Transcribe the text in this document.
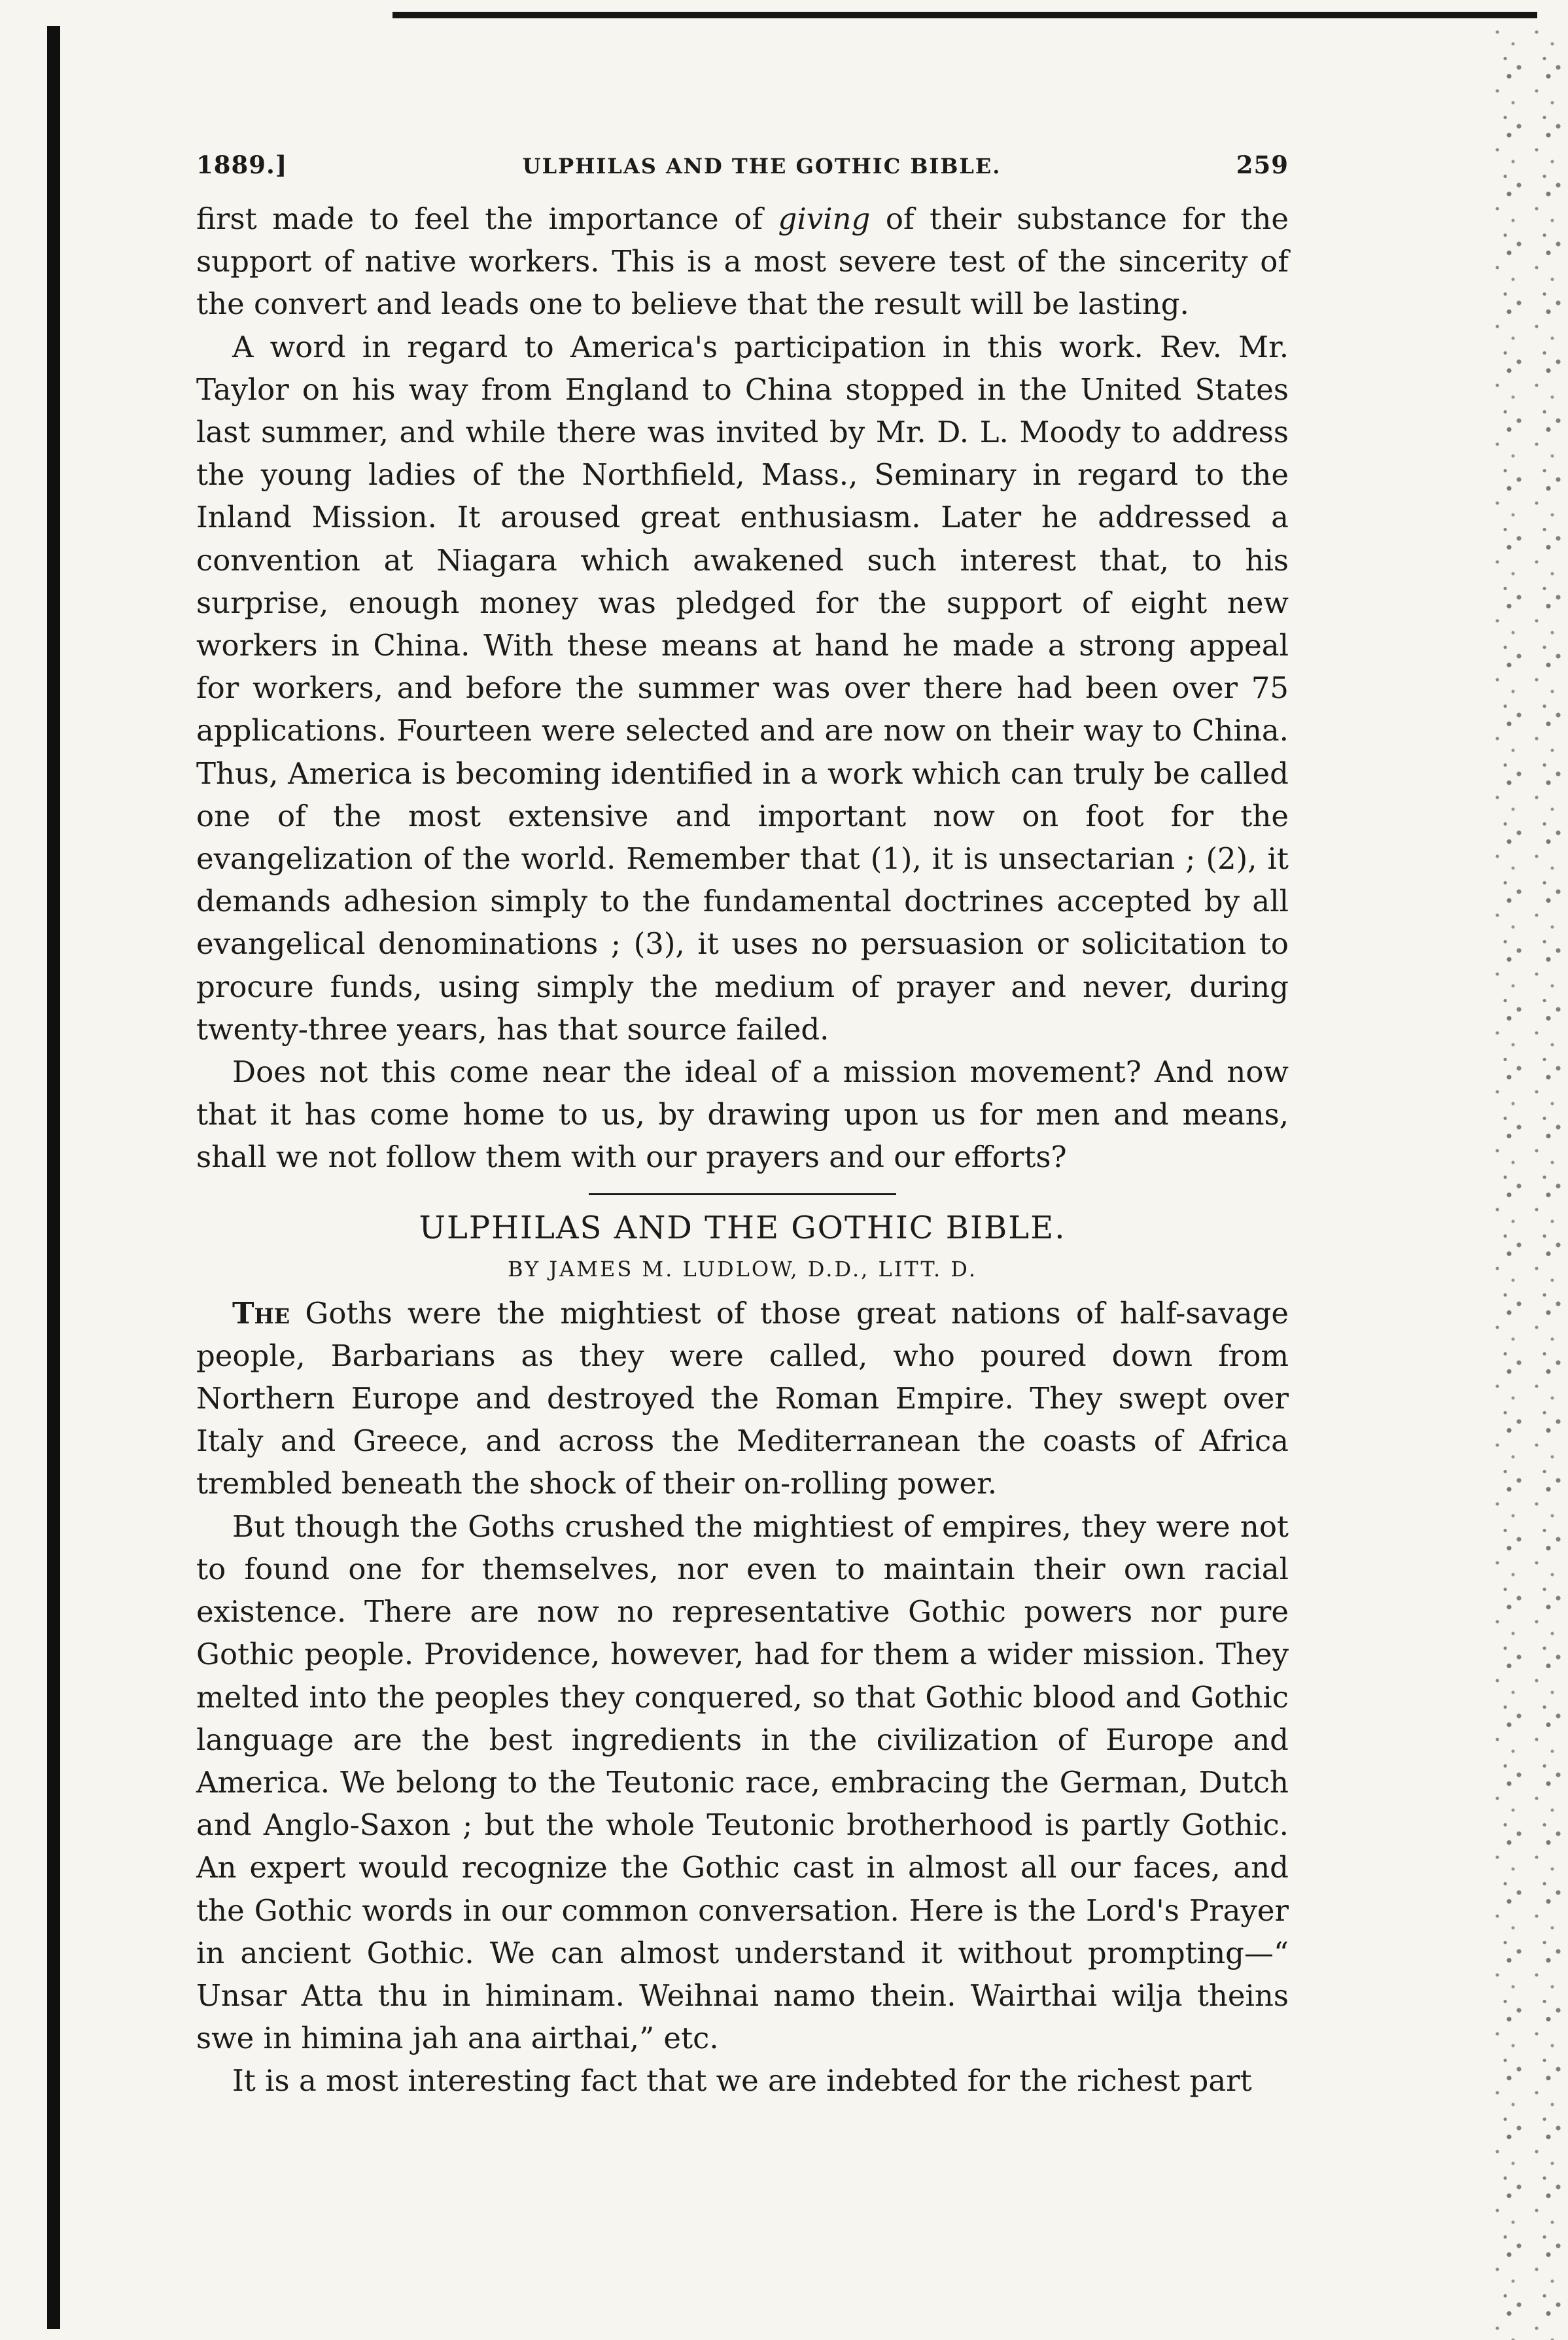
1889.]	ULPHILAS AND THE GOTHIC BIBLE.	259

first made to feel the importance of giving of their substance for the support of native workers. This is a most severe test of the sincerity of the convert and leads one to believe that the result will be lasting.

A word in regard to America's participation in this work. Rev. Mr. Taylor on his way from England to China stopped in the United States last summer, and while there was invited by Mr. D. L. Moody to address the young ladies of the Northfield, Mass., Seminary in regard to the Inland Mission. It aroused great enthusiasm. Later he addressed a convention at Niagara which awakened such interest that, to his surprise, enough money was pledged for the support of eight new workers in China. With these means at hand he made a strong appeal for workers, and before the summer was over there had been over 75 applications. Fourteen were selected and are now on their way to China. Thus, America is becoming identified in a work which can truly be called one of the most extensive and important now on foot for the evangelization of the world. Remember that (1), it is unsectarian ; (2), it demands adhesion simply to the fundamental doctrines accepted by all evangelical denominations ; (3), it uses no persuasion or solicitation to procure funds, using simply the medium of prayer and never, during twenty-three years, has that source failed.

Does not this come near the ideal of a mission movement? And now that it has come home to us, by drawing upon us for men and means, shall we not follow them with our prayers and our efforts?

ULPHILAS AND THE GOTHIC BIBLE.
BY JAMES M. LUDLOW, D.D., LITT. D.

The Goths were the mightiest of those great nations of half-savage people, Barbarians as they were called, who poured down from Northern Europe and destroyed the Roman Empire. They swept over Italy and Greece, and across the Mediterranean the coasts of Africa trembled beneath the shock of their on-rolling power.

But though the Goths crushed the mightiest of empires, they were not to found one for themselves, nor even to maintain their own racial existence. There are now no representative Gothic powers nor pure Gothic people. Providence, however, had for them a wider mission. They melted into the peoples they conquered, so that Gothic blood and Gothic language are the best ingredients in the civilization of Europe and America. We belong to the Teutonic race, embracing the German, Dutch and Anglo-Saxon ; but the whole Teutonic brotherhood is partly Gothic. An expert would recognize the Gothic cast in almost all our faces, and the Gothic words in our common conversation. Here is the Lord's Prayer in ancient Gothic. We can almost understand it without prompting—“ Unsar Atta thu in himinam. Weihnai namo thein. Wairthai wilja theins swe in himina jah ana airthai,” etc.

It is a most interesting fact that we are indebted for the richest part
